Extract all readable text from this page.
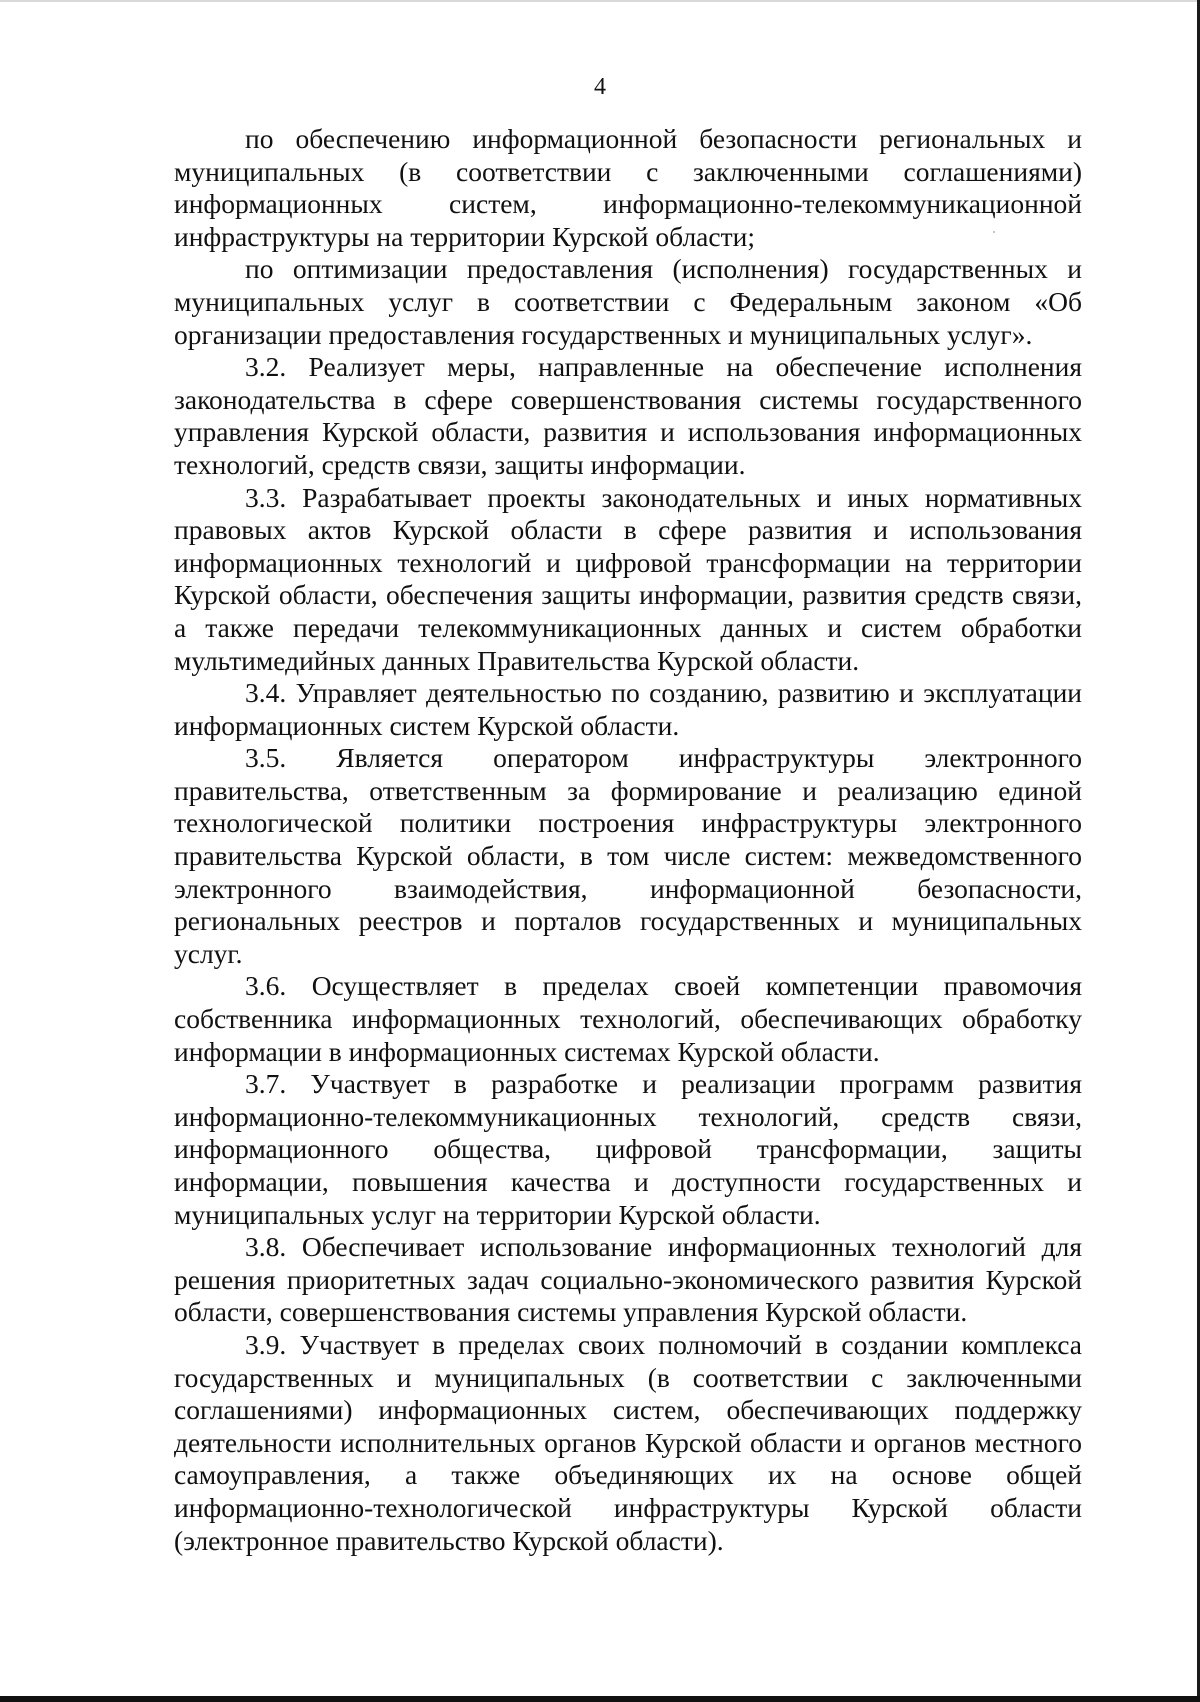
4

по обеспечению информационной безопасности региональных и муниципальных (в соответствии с заключенными соглашениями) информационных систем, информационно-телекоммуникационной инфраструктуры на территории Курской области;

по оптимизации предоставления (исполнения) государственных и муниципальных услуг в соответствии с Федеральным законом «Об организации предоставления государственных и муниципальных услуг».

3.2. Реализует меры, направленные на обеспечение исполнения законодательства в сфере совершенствования системы государственного управления Курской области, развития и использования информационных технологий, средств связи, защиты информации.

3.3. Разрабатывает проекты законодательных и иных нормативных правовых актов Курской области в сфере развития и использования информационных технологий и цифровой трансформации на территории Курской области, обеспечения защиты информации, развития средств связи, а также передачи телекоммуникационных данных и систем обработки мультимедийных данных Правительства Курской области.

3.4. Управляет деятельностью по созданию, развитию и эксплуатации информационных систем Курской области.

3.5. Является оператором инфраструктуры электронного правительства, ответственным за формирование и реализацию единой технологической политики построения инфраструктуры электронного правительства Курской области, в том числе систем: межведомственного электронного взаимодействия, информационной безопасности, региональных реестров и порталов государственных и муниципальных услуг.

3.6. Осуществляет в пределах своей компетенции правомочия собственника информационных технологий, обеспечивающих обработку информации в информационных системах Курской области.

3.7. Участвует в разработке и реализации программ развития информационно-телекоммуникационных технологий, средств связи, информационного общества, цифровой трансформации, защиты информации, повышения качества и доступности государственных и муниципальных услуг на территории Курской области.

3.8. Обеспечивает использование информационных технологий для решения приоритетных задач социально-экономического развития Курской области, совершенствования системы управления Курской области.

3.9. Участвует в пределах своих полномочий в создании комплекса государственных и муниципальных (в соответствии с заключенными соглашениями) информационных систем, обеспечивающих поддержку деятельности исполнительных органов Курской области и органов местного самоуправления, а также объединяющих их на основе общей информационно-технологической инфраструктуры Курской области (электронное правительство Курской области).
